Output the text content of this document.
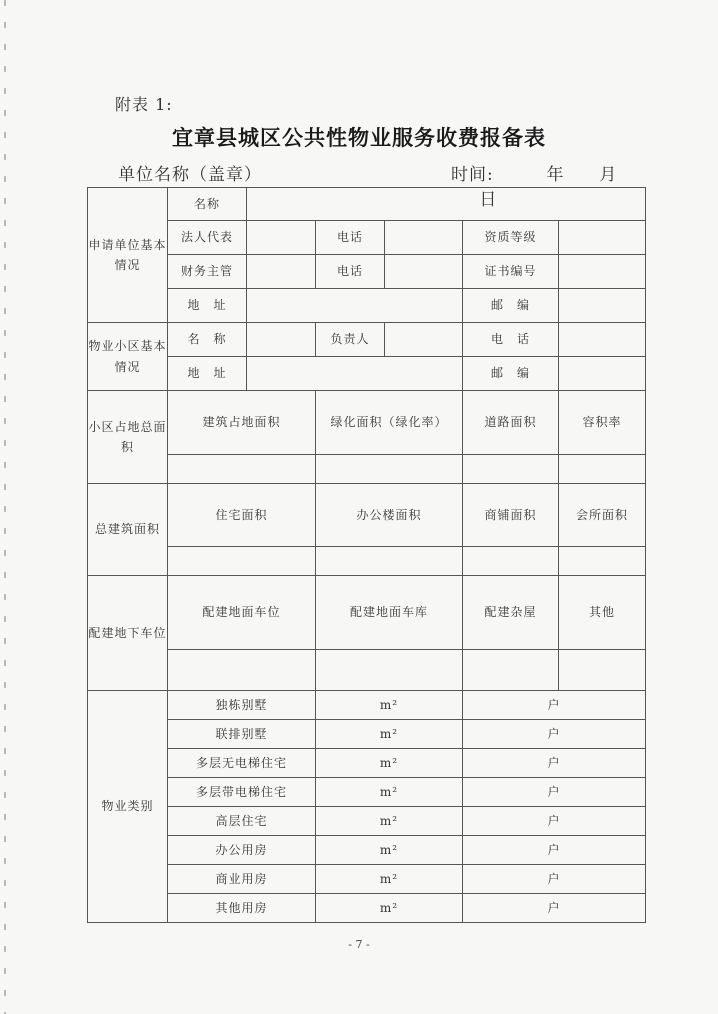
附表 1:
宜章县城区公共性物业服务收费报备表
单位名称（盖章）	时间:	年 月  日
申请单位基本情况	名称					
	法人代表		电话		资质等级	
	财务主管		电话		证书编号	
	地　址				邮　编	
物业小区基本情况	名　称		负责人		电　话	
	地　址				邮　编	
小区占地总面积	建筑占地面积		绿化面积（绿化率）		道路面积	容积率

总建筑面积	住宅面积		办公楼面积		商铺面积	会所面积

配建地下车位	配建地面车位		配建地面车库		配建杂屋	其他

物业类别	独栋别墅		m²		户	
	联排别墅		m²		户	
	多层无电梯住宅		m²		户	
	多层带电梯住宅		m²		户	
	高层住宅		m²		户	
	办公用房		m²		户	
	商业用房		m²		户	
	其他用房		m²		户	
- 7 -
